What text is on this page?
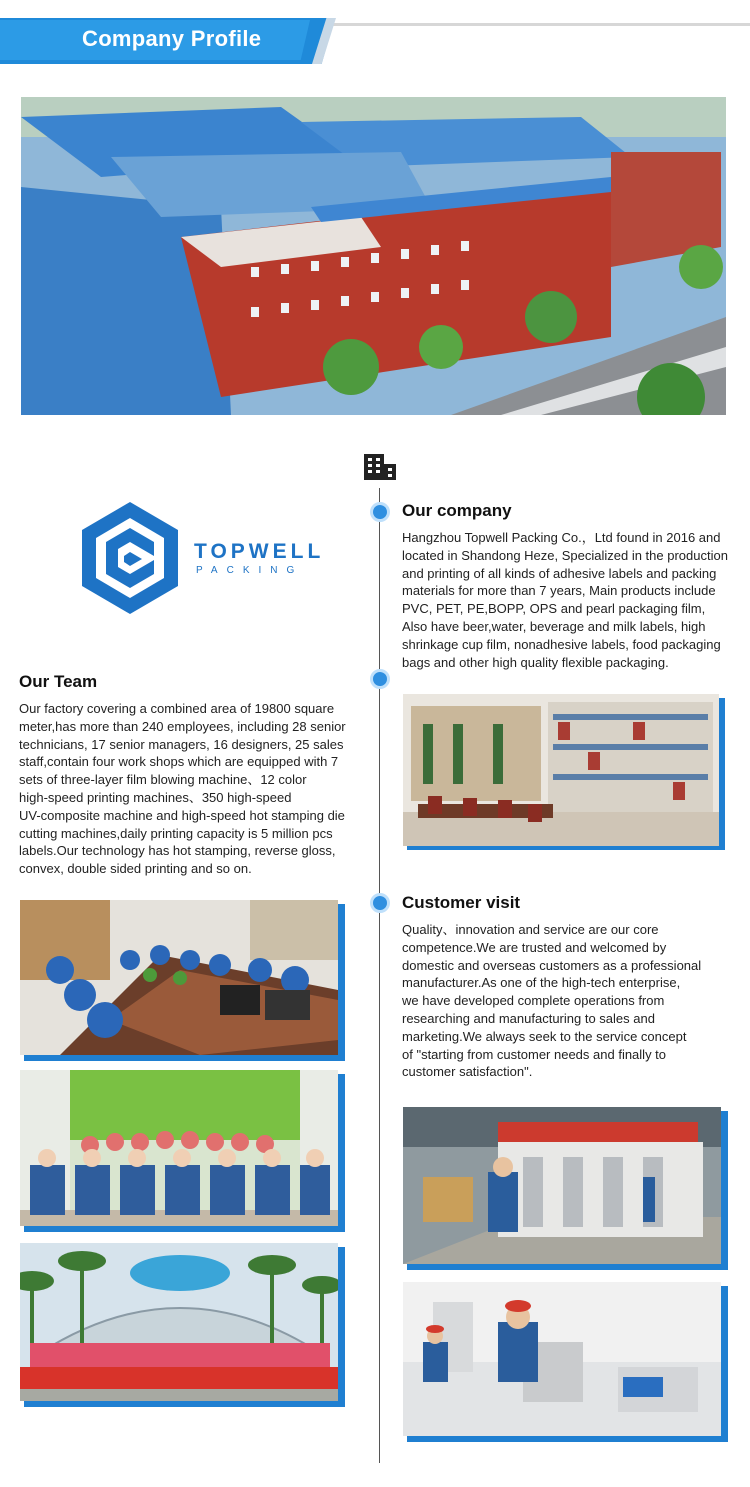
Company Profile
TOPWELL
PACKING
Our company
Hangzhou Topwell Packing Co.，Ltd found in 2016 and
located in Shandong Heze, Specialized in the production
and printing of all kinds of adhesive labels and packing
materials for more than 7 years, Main products include
PVC, PET, PE,BOPP, OPS and pearl packaging film,
Also have beer,water, beverage and milk labels, high
shrinkage cup film, nonadhesive labels, food packaging
bags and other high quality flexible packaging.
Our Team
Our factory covering a combined area of 19800 square
meter,has more than 240 employees, including 28 senior
technicians, 17 senior managers, 16 designers, 25 sales
staff,contain four work shops which are equipped with 7
sets of three-layer film blowing machine、12 color
high-speed printing machines、350 high-speed
UV-composite machine and high-speed hot stamping die
cutting machines,daily printing capacity is 5 million pcs
labels.Our technology has hot stamping, reverse gloss,
convex, double sided printing and so on.
Customer visit
Quality、innovation and service are our core
competence.We are trusted and welcomed by
domestic and overseas customers as a professional
manufacturer.As one of the high-tech enterprise,
we have developed complete operations from
researching and manufacturing to sales and
marketing.We always seek to the service concept
of "starting from customer needs and finally to
customer satisfaction".
